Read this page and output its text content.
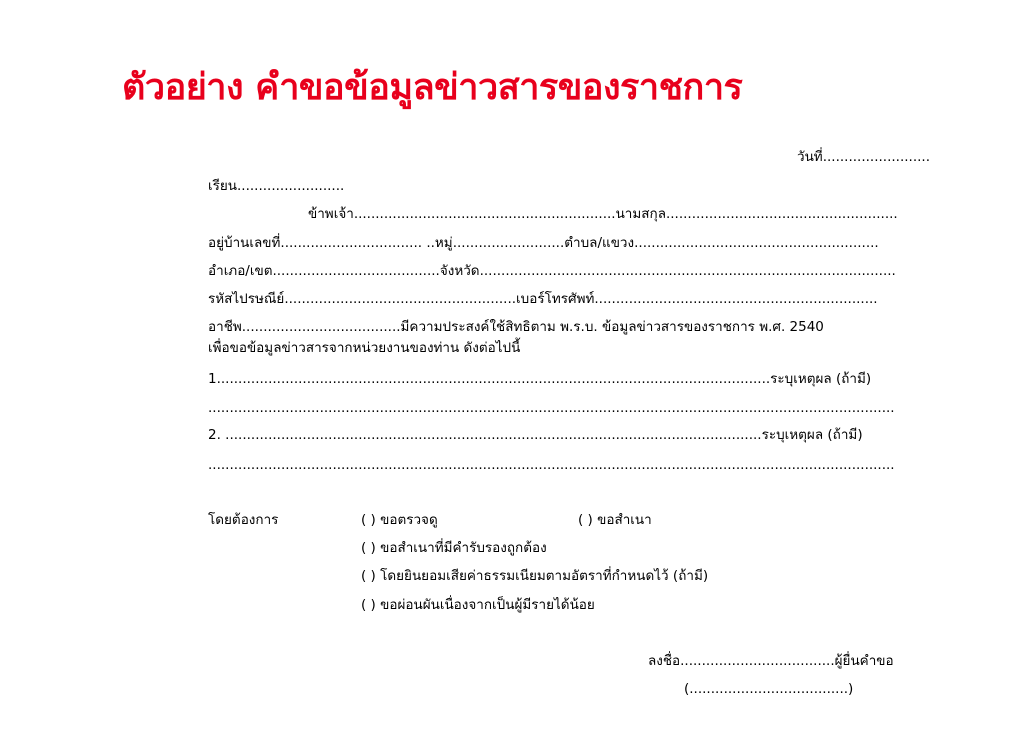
ตัวอย่าง คำขอข้อมูลข่าวสารของราชการ
วันที่.........................
เรียน.........................
ข้าพเจ้า.............................................................นามสกุล......................................................
อยู่บ้านเลขที่................................. ..หมู่..........................ตำบล/แขวง.........................................................
อำเภอ/เขต.......................................จังหวัด.................................................................................................
รหัสไปรษณีย์......................................................เบอร์โทรศัพท์..................................................................
อาชีพ.....................................มีความประสงค์ใช้สิทธิตาม พ.ร.บ. ข้อมูลข่าวสารของราชการ พ.ศ. 2540
เพื่อขอข้อมูลข่าวสารจากหน่วยงานของท่าน ดังต่อไปนี้
1.................................................................................................................................ระบุเหตุผล (ถ้ามี)
................................................................................................................................................................
2. .............................................................................................................................ระบุเหตุผล (ถ้ามี)
................................................................................................................................................................
โดยต้องการ	( ) ขอตรวจดู	( ) ขอสำเนา
( ) ขอสำเนาที่มีคำรับรองถูกต้อง
( ) โดยยินยอมเสียค่าธรรมเนียมตามอัตราที่กำหนดไว้ (ถ้ามี)
( ) ขอผ่อนผันเนื่องจากเป็นผู้มีรายได้น้อย
ลงชื่อ....................................ผู้ยื่นคำขอ
(.....................................)
